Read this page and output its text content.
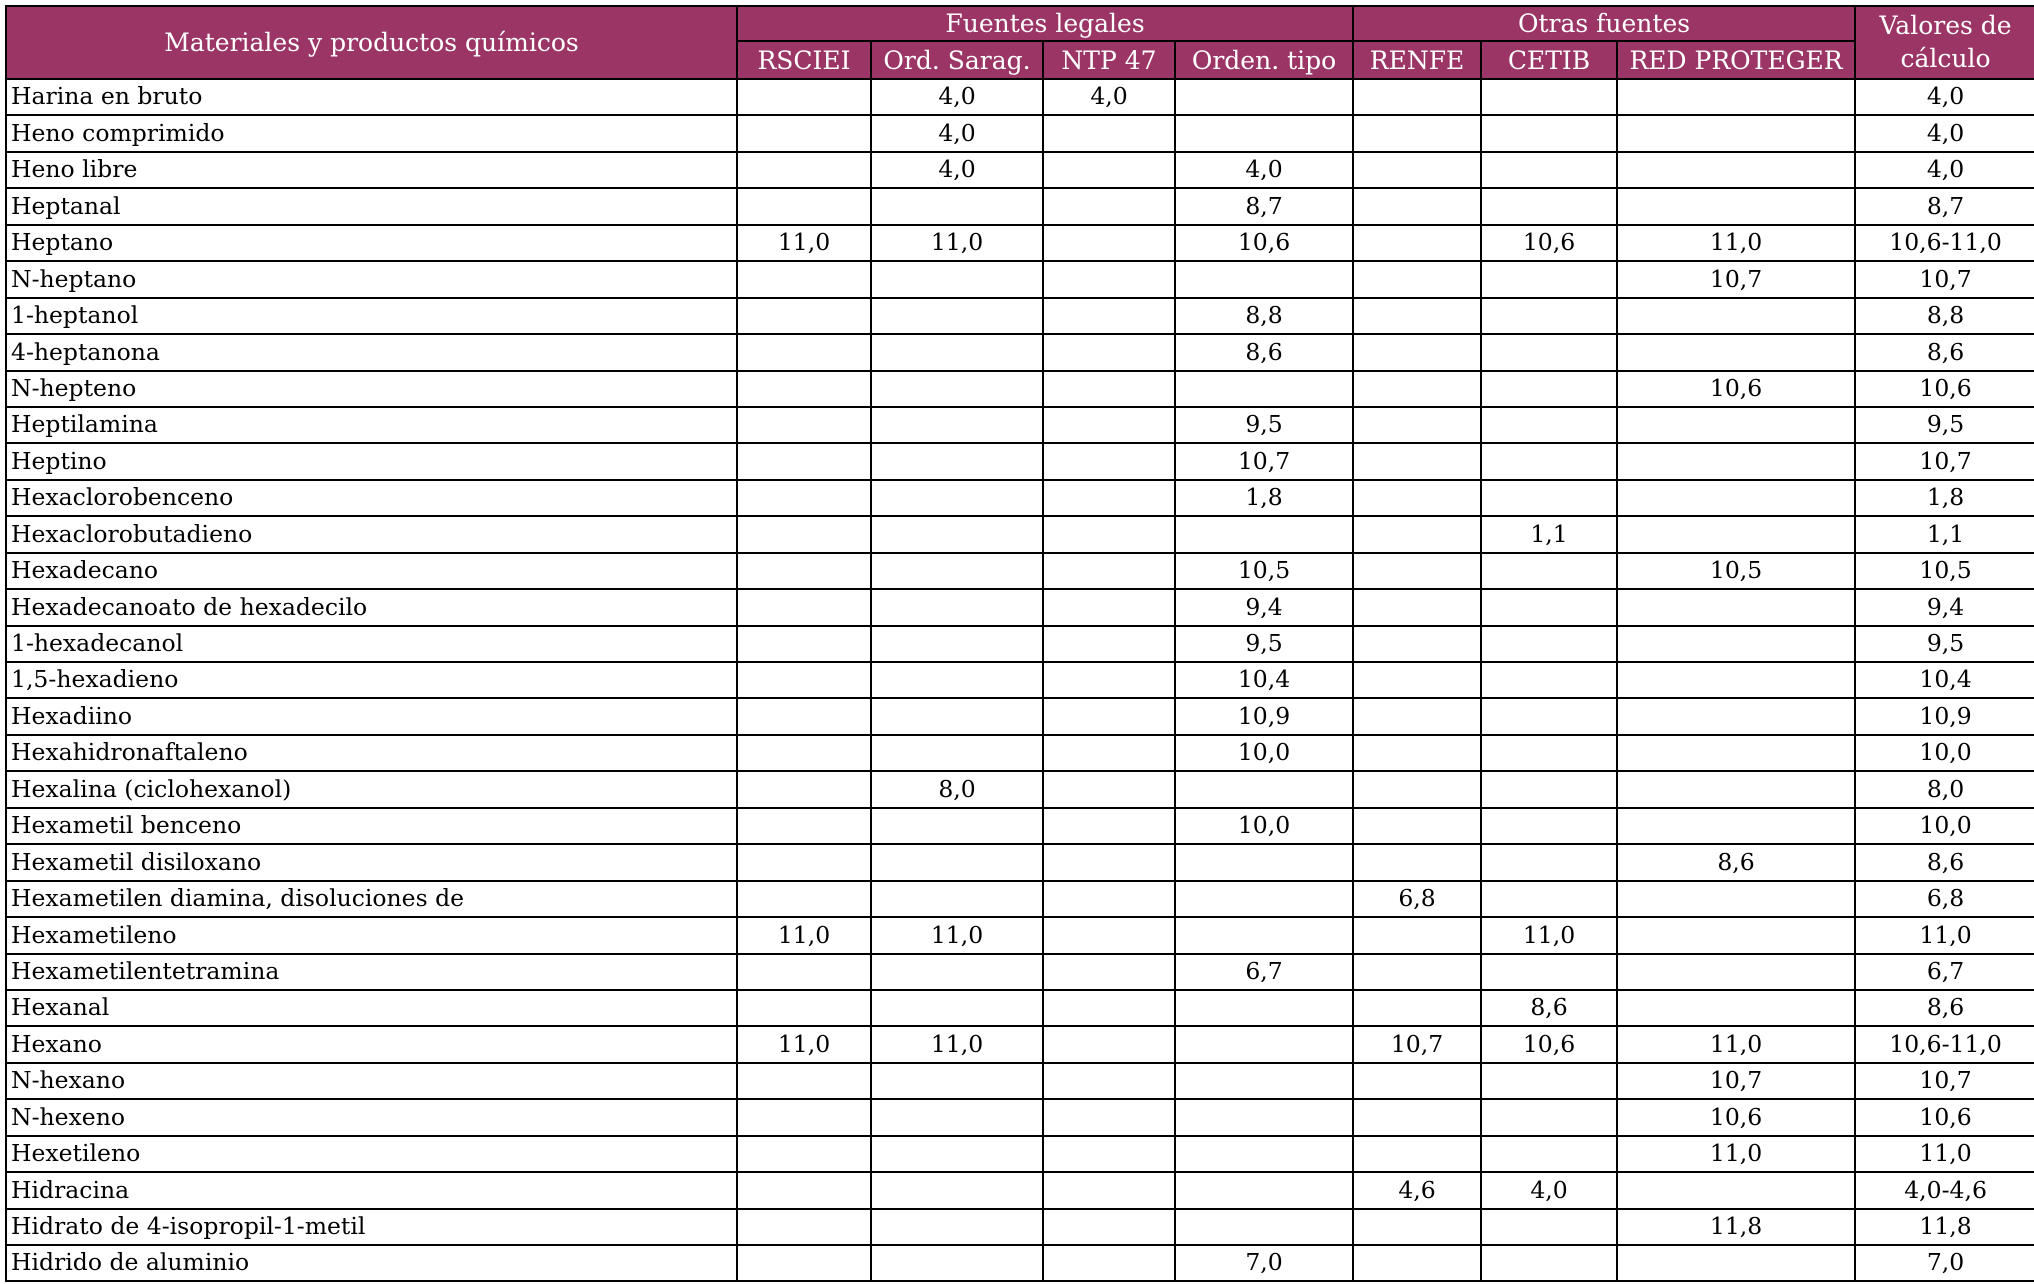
Materiales y productos químicos	Fuentes legales				Otras fuentes			Valores de
cálculo
	RSCIEI	Ord. Sarag.	NTP 47	Orden. tipo	RENFE	CETIB	RED PROTEGER	
Harina en bruto		4,0	4,0					4,0
Heno comprimido		4,0						4,0
Heno libre		4,0		4,0				4,0
Heptanal				8,7				8,7
Heptano	11,0	11,0		10,6		10,6	11,0	10,6-11,0
N-heptano							10,7	10,7
1-heptanol				8,8				8,8
4-heptanona				8,6				8,6
N-hepteno							10,6	10,6
Heptilamina				9,5				9,5
Heptino				10,7				10,7
Hexaclorobenceno				1,8				1,8
Hexaclorobutadieno						1,1		1,1
Hexadecano				10,5			10,5	10,5
Hexadecanoato de hexadecilo				9,4				9,4
1-hexadecanol				9,5				9,5
1,5-hexadieno				10,4				10,4
Hexadiino				10,9				10,9
Hexahidronaftaleno				10,0				10,0
Hexalina (ciclohexanol)		8,0						8,0
Hexametil benceno				10,0				10,0
Hexametil disiloxano							8,6	8,6
Hexametilen diamina, disoluciones de					6,8			6,8
Hexametileno	11,0	11,0				11,0		11,0
Hexametilentetramina				6,7				6,7
Hexanal						8,6		8,6
Hexano	11,0	11,0			10,7	10,6	11,0	10,6-11,0
N-hexano							10,7	10,7
N-hexeno							10,6	10,6
Hexetileno							11,0	11,0
Hidracina					4,6	4,0		4,0-4,6
Hidrato de 4-isopropil-1-metil							11,8	11,8
Hidrido de aluminio				7,0				7,0
